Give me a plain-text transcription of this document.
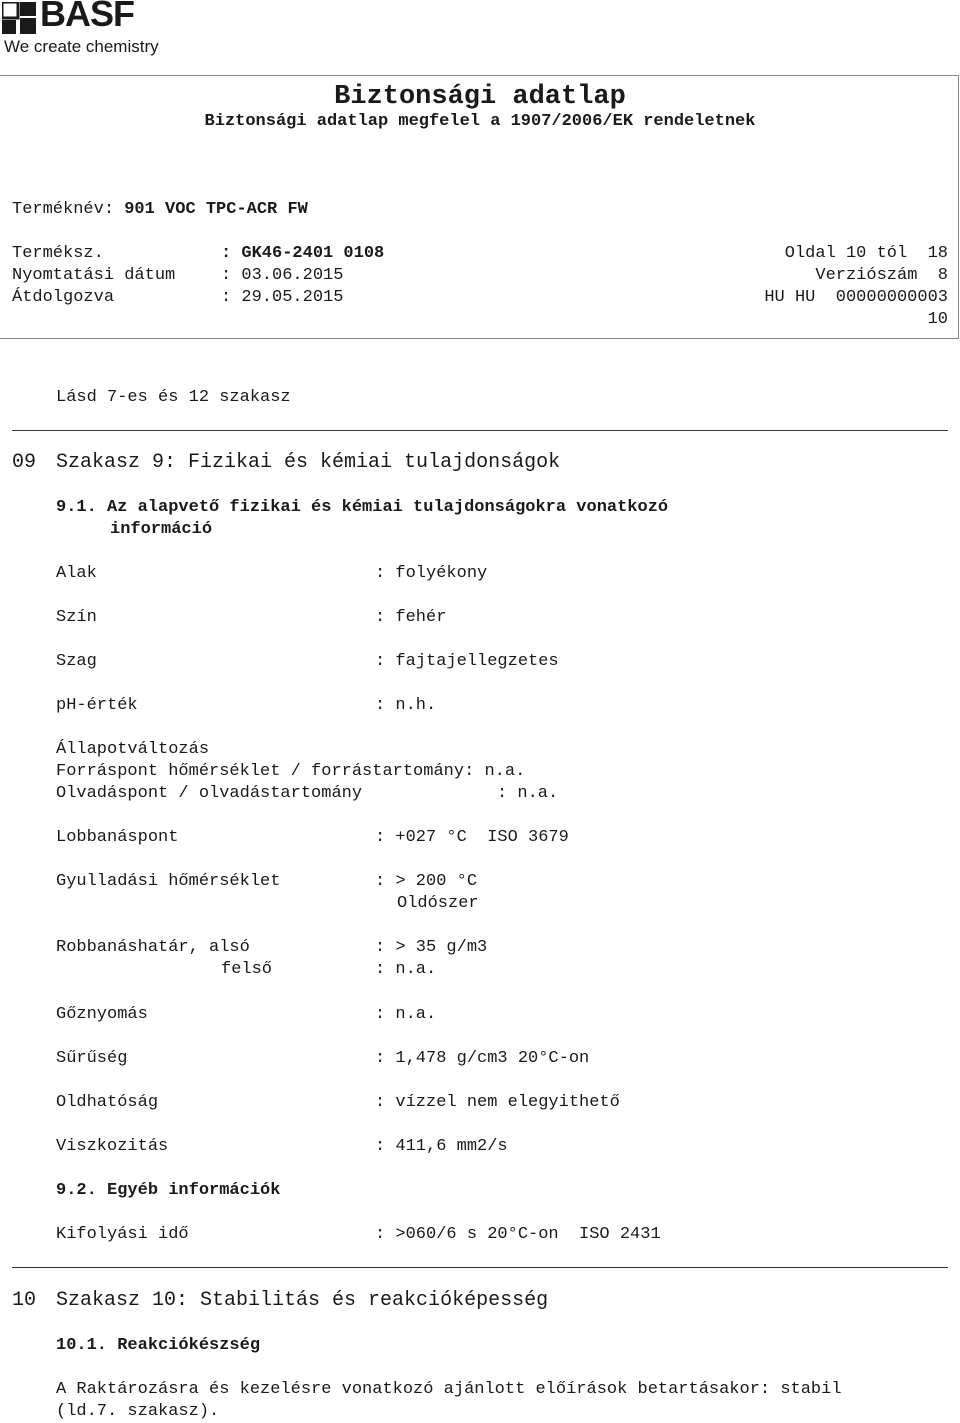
BASF
We create chemistry
Biztonsági adatlap
Biztonsági adatlap megfelel a 1907/2006/EK rendeletnek
Terméknév: 901 VOC TPC-ACR FW
Terméksz.	: GK46-2401 0108
Nyomtatási dátum	: 03.06.2015
Átdolgozva	: 29.05.2015
Oldal 10 tól  18
Verziószám  8
HU HU  00000000003
10
Lásd 7-es és 12 szakasz
09 Szakasz 9: Fizikai és kémiai tulajdonságok
9.1. Az alapvető fizikai és kémiai tulajdonságokra vonatkozó
információ
Alak	: folyékony
Szín	: fehér
Szag	: fajtajellegzetes
pH-érték	: n.h.
Állapotváltozás
Forráspont hőmérséklet / forrástartomány: n.a.
Olvadáspont / olvadástartomány	: n.a.
Lobbanáspont	: +027 °C  ISO 3679
Gyulladási hőmérséklet	: > 200 °C
Oldószer
Robbanáshatár, alsó	: > 35 g/m3
felső	: n.a.
Gőznyomás	: n.a.
Sűrűség	: 1,478 g/cm3 20°C-on
Oldhatóság	: vízzel nem elegyithető
Viszkozitás	: 411,6 mm2/s
9.2. Egyéb információk
Kifolyási idő	: >060/6 s 20°C-on  ISO 2431
10 Szakasz 10: Stabilitás és reakcióképesség
10.1. Reakciókészség
A Raktározásra és kezelésre vonatkozó ajánlott előírások betartásakor: stabil
(ld.7. szakasz).
